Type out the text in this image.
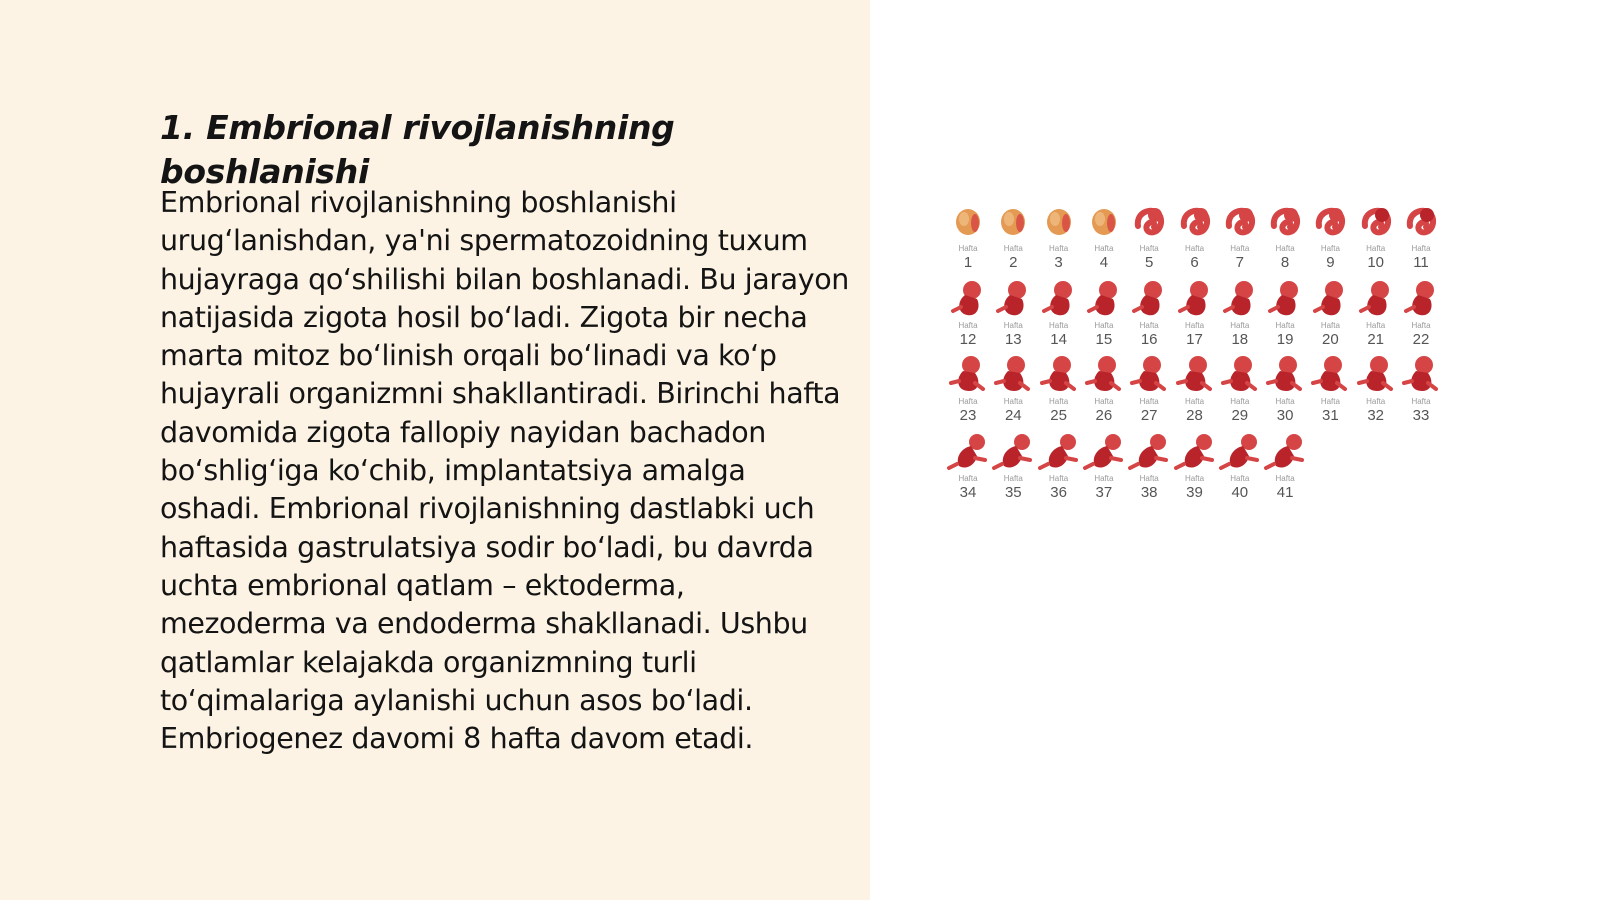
1. Embrional rivojlanishning boshlanishi

Embrional rivojlanishning boshlanishi urug‘lanishdan, ya'ni spermatozoidning tuxum hujayraga qo‘shilishi bilan boshlanadi. Bu jarayon natijasida zigota hosil bo‘ladi. Zigota bir necha marta mitoz bo‘linish orqali bo‘linadi va ko‘p hujayrali organizmni shakllantiradi. Birinchi hafta davomida zigota fallopiy nayidan bachadon bo‘shlig‘iga ko‘chib, implantatsiya amalga oshadi. Embrional rivojlanishning dastlabki uch haftasida gastrulatsiya sodir bo‘ladi, bu davrda uchta embrional qatlam – ektoderma, mezoderma va endoderma shakllanadi. Ushbu qatlamlar kelajakda organizmning turli to‘qimalariga aylanishi uchun asos bo‘ladi. Embriogenez davomi 8 hafta davom etadi.

Hafta
1
Hafta
2
Hafta
3
Hafta
4
Hafta
5
Hafta
6
Hafta
7
Hafta
8
Hafta
9
Hafta
10
Hafta
11
Hafta
12
Hafta
13
Hafta
14
Hafta
15
Hafta
16
Hafta
17
Hafta
18
Hafta
19
Hafta
20
Hafta
21
Hafta
22
Hafta
23
Hafta
24
Hafta
25
Hafta
26
Hafta
27
Hafta
28
Hafta
29
Hafta
30
Hafta
31
Hafta
32
Hafta
33
Hafta
34
Hafta
35
Hafta
36
Hafta
37
Hafta
38
Hafta
39
Hafta
40
Hafta
41
